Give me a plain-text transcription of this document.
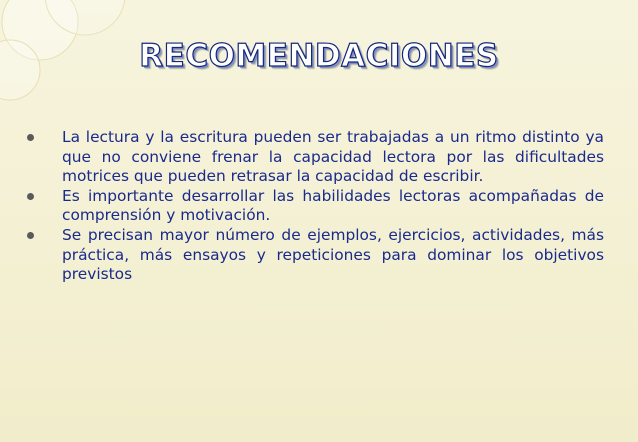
RECOMENDACIONES
La lectura y la escritura pueden ser trabajadas a un ritmo distinto ya que no conviene frenar la capacidad lectora por las dificultades motrices que pueden retrasar la capacidad de escribir.
Es importante desarrollar las habilidades lectoras acompañadas de comprensión y motivación.
Se precisan mayor número de ejemplos, ejercicios, actividades, más práctica, más ensayos y repeticiones para dominar los objetivos previstos
